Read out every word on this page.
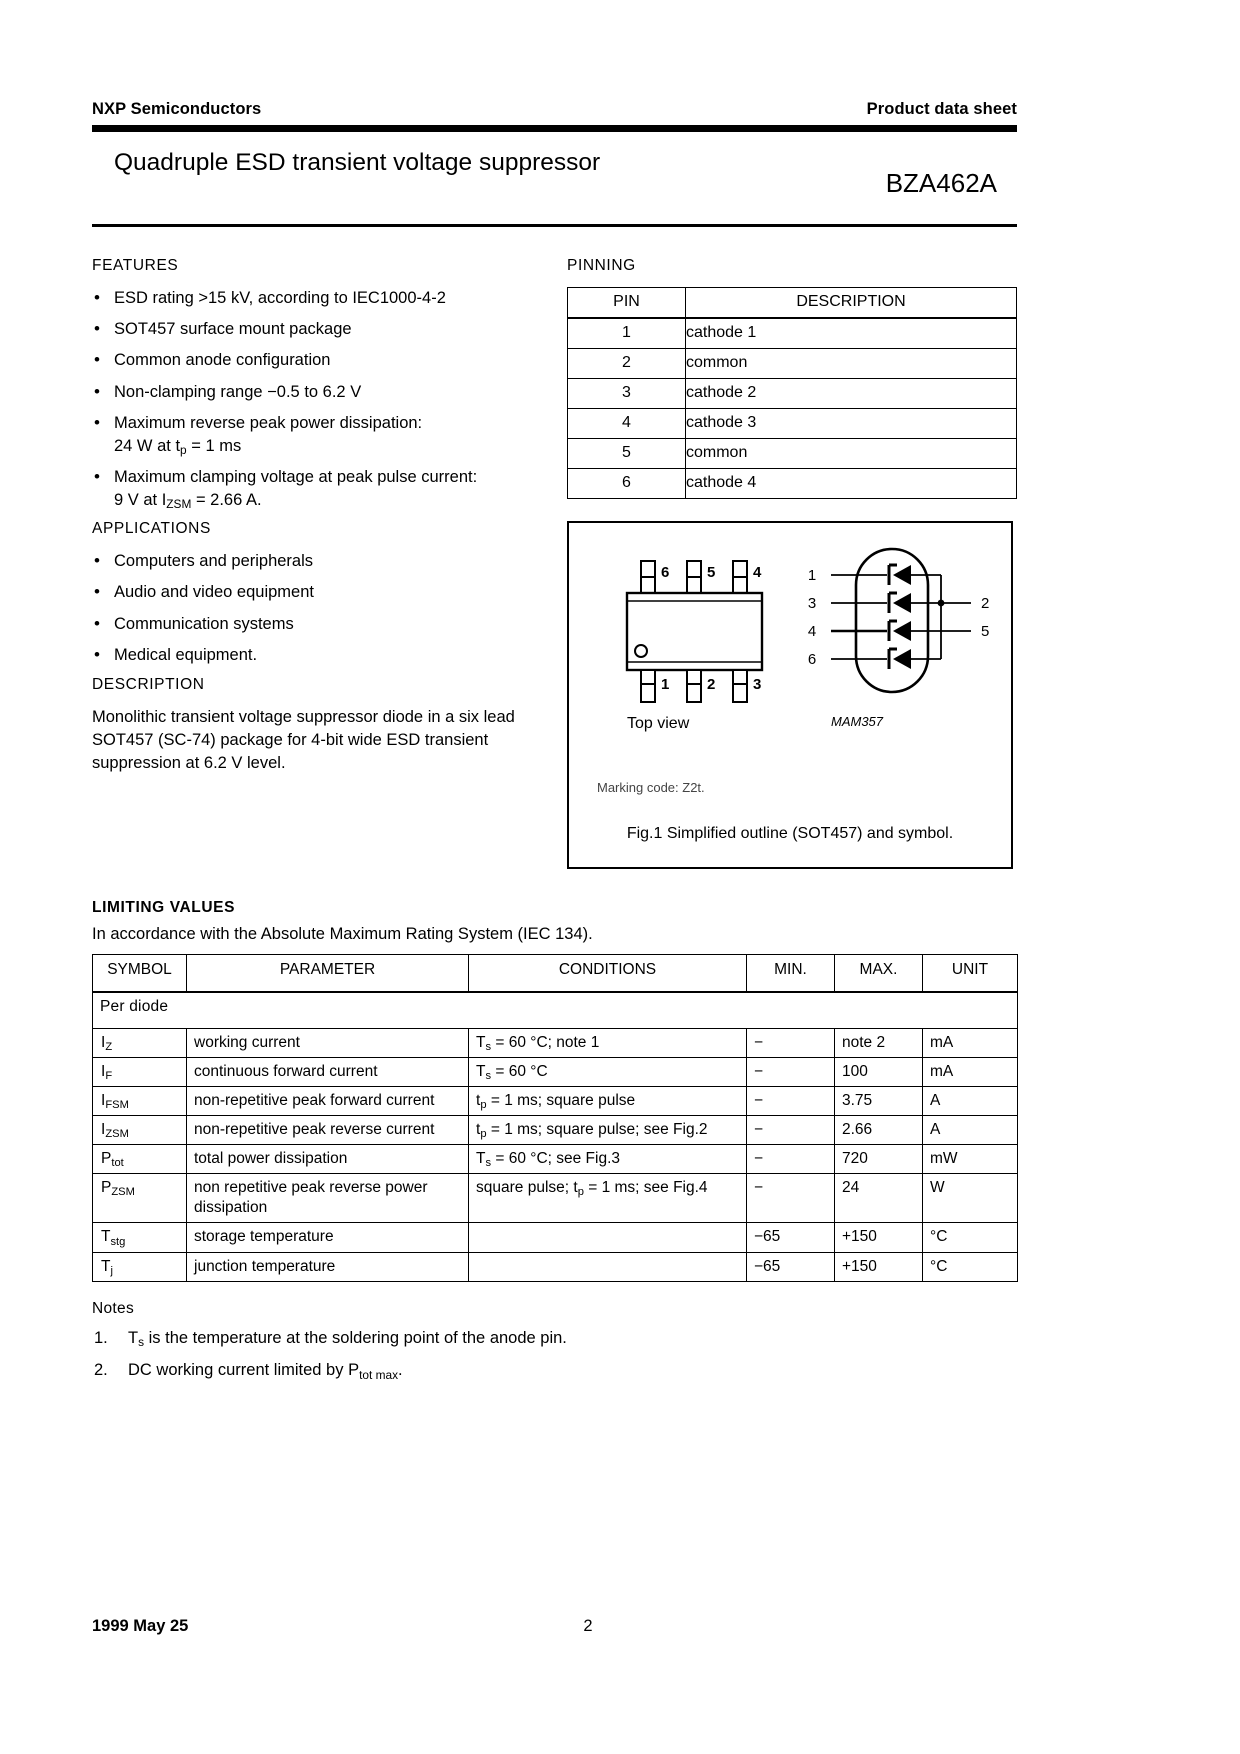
NXP Semiconductors	Product data sheet
Quadruple ESD transient voltage suppressor
BZA462A
FEATURES
• ESD rating >15 kV, according to IEC1000-4-2
• SOT457 surface mount package
• Common anode configuration
• Non-clamping range −0.5 to 6.2 V
• Maximum reverse peak power dissipation:
24 W at $t_p = 1$ ms
• Maximum clamping voltage at peak pulse current:
9 V at $I_{ZSM} = 2.66$ A.
APPLICATIONS
• Computers and peripherals
• Audio and video equipment
• Communication systems
• Medical equipment.
DESCRIPTION

Monolithic transient voltage suppressor diode in a six lead SOT457 (SC-74) package for 4-bit wide ESD transient suppression at 6.2 V level.

PINNING
PIN	DESCRIPTION
1	cathode 1
2	common
3	cathode 2
4	cathode 3
5	common
6	cathode 4
6	5	4
1	2	3
1
3
4
6
2
5
Top view	MAM357
Marking code: Z2t.
Fig.1 Simplified outline (SOT457) and symbol.
LIMITING VALUES

In accordance with the Absolute Maximum Rating System (IEC 134).

SYMBOL	PARAMETER	CONDITIONS	MIN.	MAX.	UNIT
Per diode					
$I_Z$	working current	$T_s = 60$ °C; note 1	−	note 2	mA
$I_F$	continuous forward current	$T_s = 60$ °C	−	100	mA
$I_{FSM}$	non-repetitive peak forward current	$t_p = 1$ ms; square pulse	−	3.75	A
$I_{ZSM}$	non-repetitive peak reverse current	$t_p = 1$ ms; square pulse; see Fig.2	−	2.66	A
$P_{tot}$	total power dissipation	$T_s = 60$ °C; see Fig.3	−	720	mW
$P_{ZSM}$	non repetitive peak reverse power dissipation	square pulse; $t_p = 1$ ms; see Fig.4	−	24	W
$T_{stg}$	storage temperature		−65	+150	°C
$T_j$	junction temperature		−65	+150	°C
Notes
1. $T_s$ is the temperature at the soldering point of the anode pin.
2. DC working current limited by $P_{tot max}$.
1999 May 25	2
